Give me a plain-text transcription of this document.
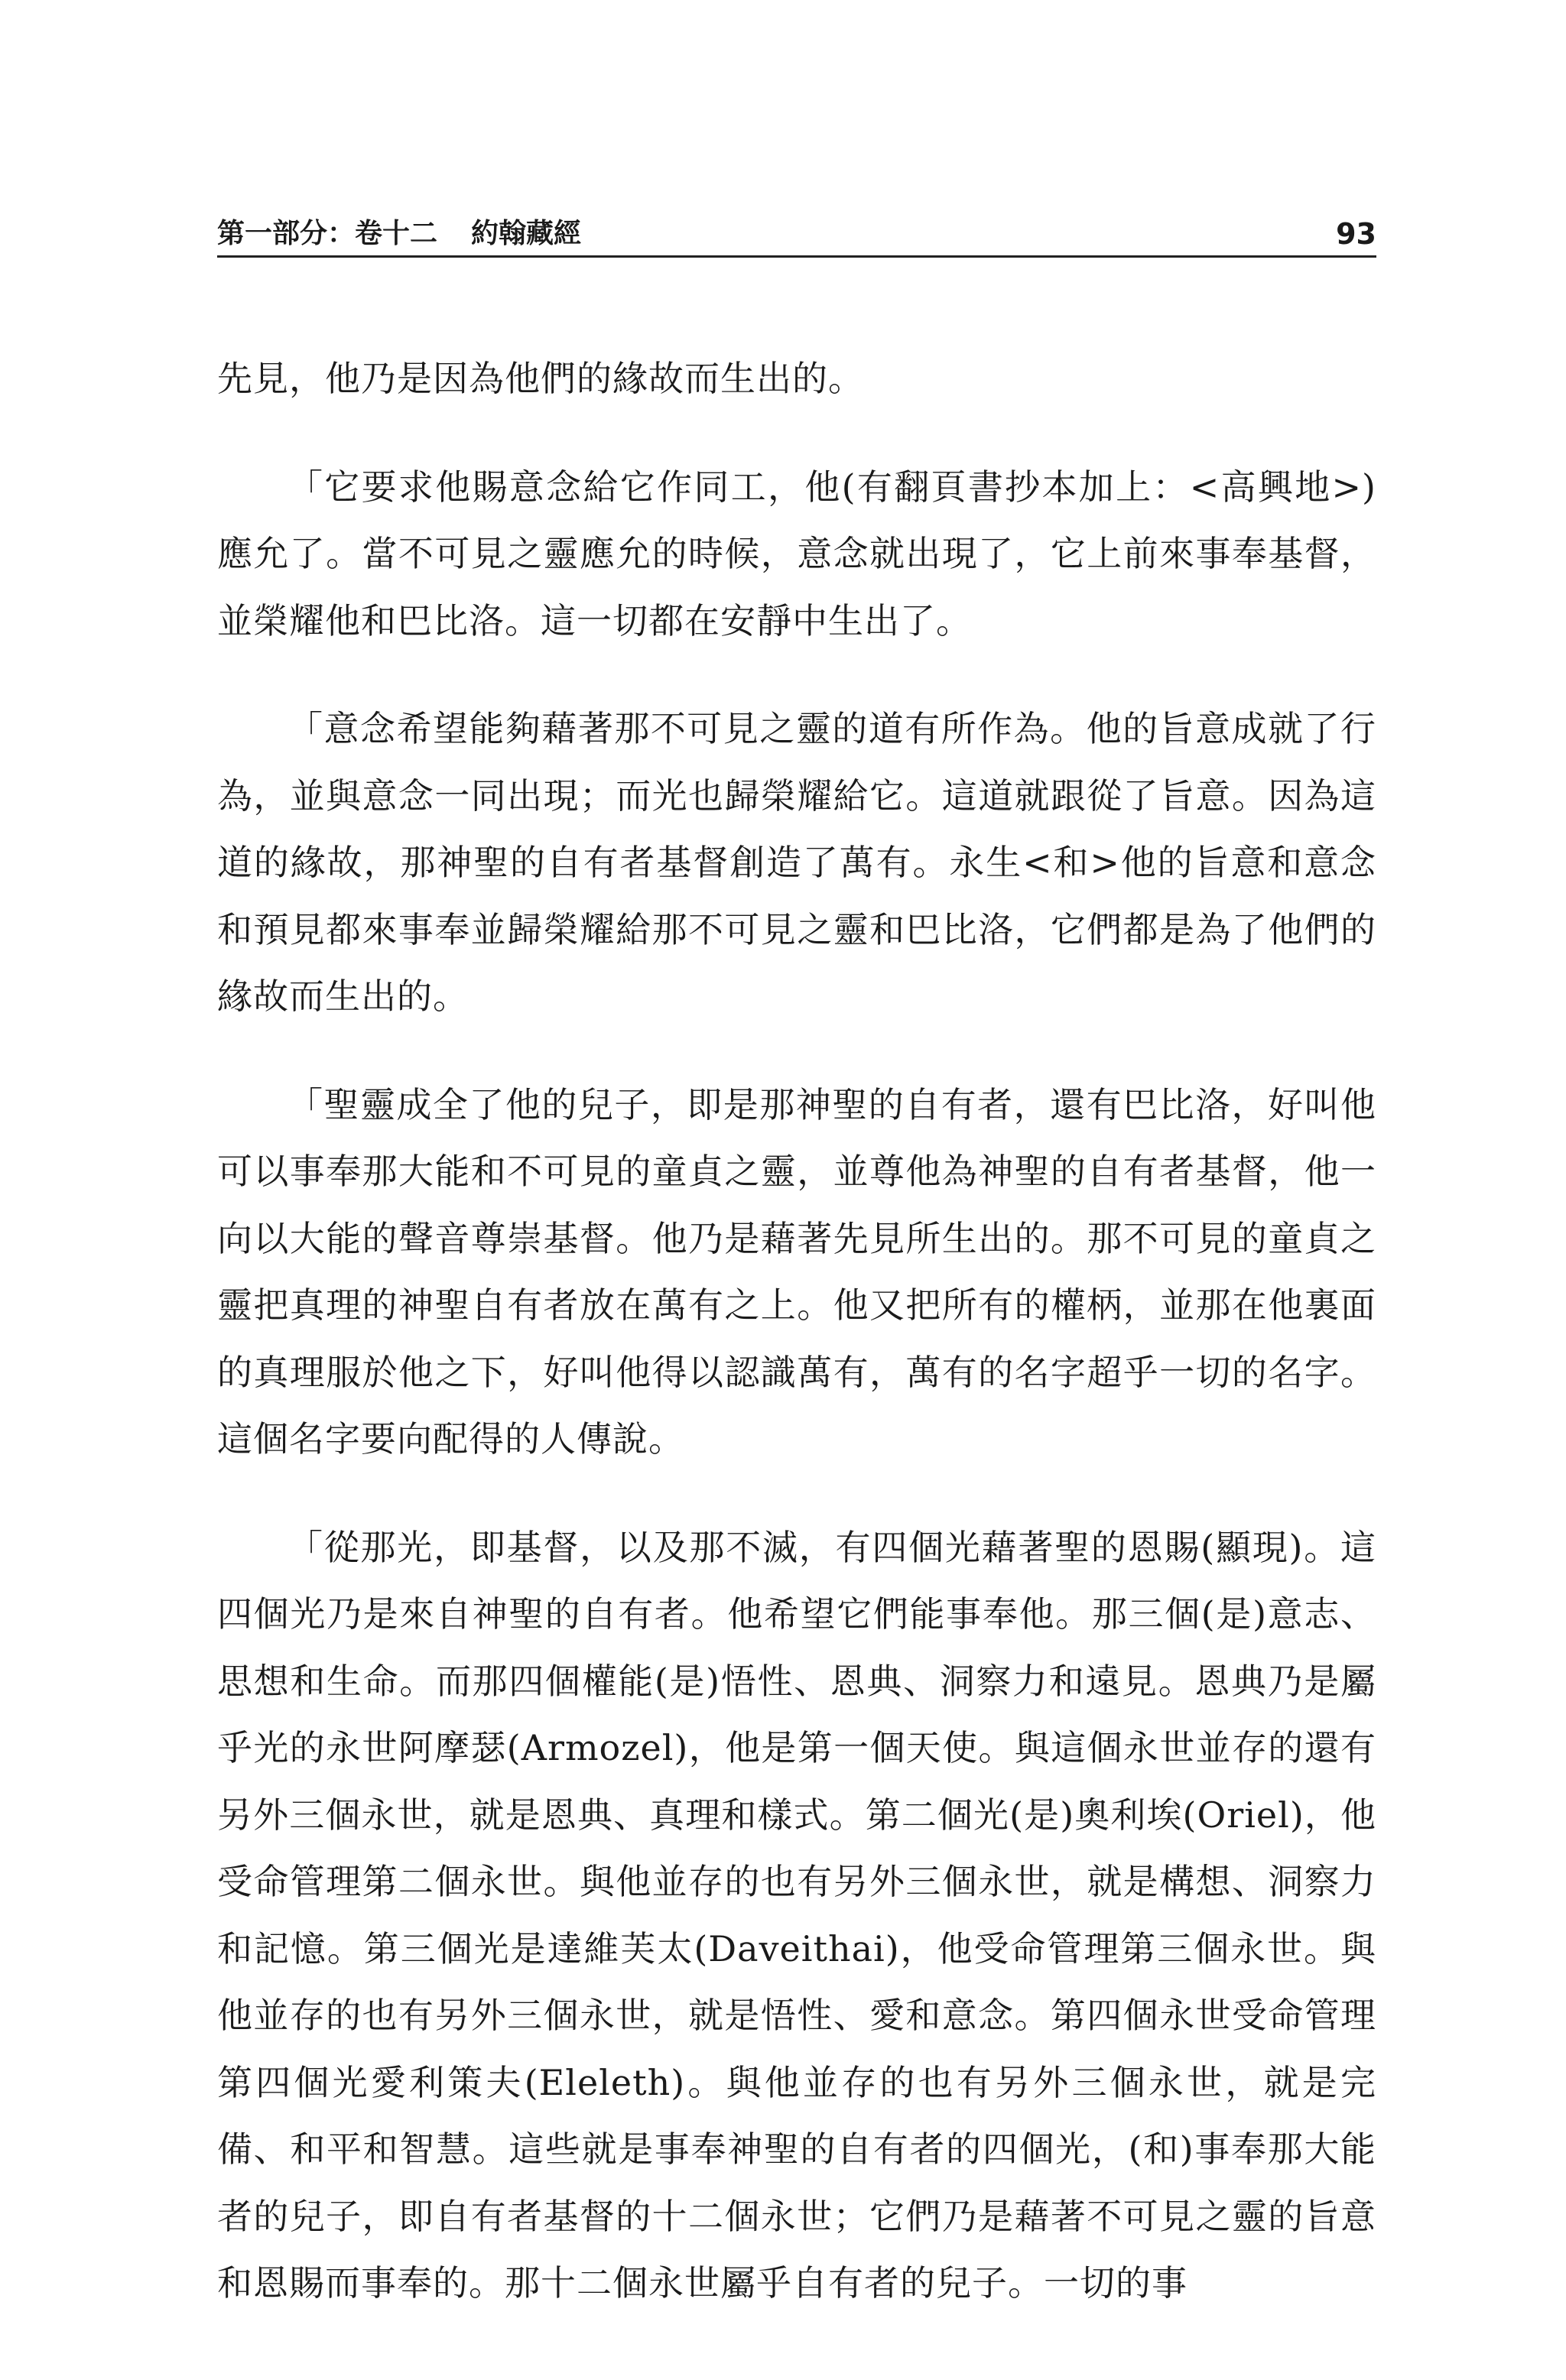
第一部分：卷十二 約翰藏經	93

先見，他乃是因為他們的緣故而生出的。

「它要求他賜意念給它作同工，他(有翻頁書抄本加上：<高興地>)應允了。當不可見之靈應允的時候，意念就出現了，它上前來事奉基督，並榮耀他和巴比洛。這一切都在安靜中生出了。

「意念希望能夠藉著那不可見之靈的道有所作為。他的旨意成就了行為，並與意念一同出現；而光也歸榮耀給它。這道就跟從了旨意。因為這道的緣故，那神聖的自有者基督創造了萬有。永生<和>他的旨意和意念和預見都來事奉並歸榮耀給那不可見之靈和巴比洛，它們都是為了他們的緣故而生出的。

「聖靈成全了他的兒子，即是那神聖的自有者，還有巴比洛，好叫他可以事奉那大能和不可見的童貞之靈，並尊他為神聖的自有者基督，他一向以大能的聲音尊崇基督。他乃是藉著先見所生出的。那不可見的童貞之靈把真理的神聖自有者放在萬有之上。他又把所有的權柄，並那在他裏面的真理服於他之下，好叫他得以認識萬有，萬有的名字超乎一切的名字。這個名字要向配得的人傳說。

「從那光，即基督，以及那不滅，有四個光藉著聖的恩賜(顯現)。這四個光乃是來自神聖的自有者。他希望它們能事奉他。那三個(是)意志、思想和生命。而那四個權能(是)悟性、恩典、洞察力和遠見。恩典乃是屬乎光的永世阿摩瑟(Armozel)，他是第一個天使。與這個永世並存的還有另外三個永世，就是恩典、真理和樣式。第二個光(是)奧利埃(Oriel)，他受命管理第二個永世。與他並存的也有另外三個永世，就是構想、洞察力和記憶。第三個光是達維芙太(Daveithai)，他受命管理第三個永世。與他並存的也有另外三個永世，就是悟性、愛和意念。第四個永世受命管理第四個光愛利策夫(Eleleth)。與他並存的也有另外三個永世，就是完備、和平和智慧。這些就是事奉神聖的自有者的四個光，(和)事奉那大能者的兒子，即自有者基督的十二個永世；它們乃是藉著不可見之靈的旨意和恩賜而事奉的。那十二個永世屬乎自有者的兒子。一切的事
